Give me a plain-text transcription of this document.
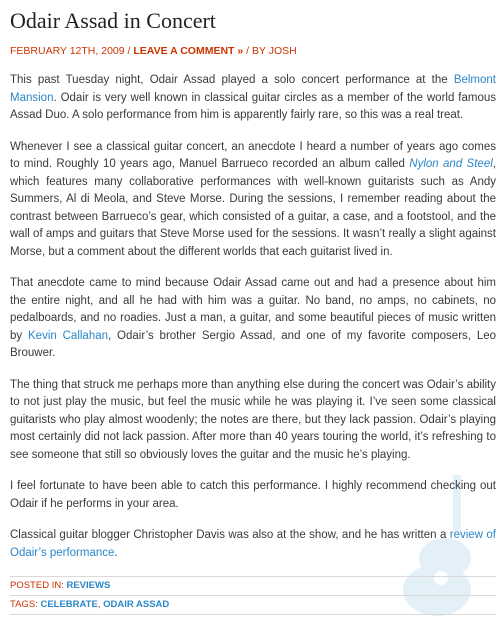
Odair Assad in Concert
FEBRUARY 12TH, 2009 / LEAVE A COMMENT » / BY JOSH

This past Tuesday night, Odair Assad played a solo concert performance at the Belmont Mansion. Odair is very well known in classical guitar circles as a member of the world famous Assad Duo. A solo performance from him is apparently fairly rare, so this was a real treat.

Whenever I see a classical guitar concert, an anecdote I heard a number of years ago comes to mind. Roughly 10 years ago, Manuel Barrueco recorded an album called Nylon and Steel, which features many collaborative performances with well-known guitarists such as Andy Summers, Al di Meola, and Steve Morse. During the sessions, I remember reading about the contrast between Barrueco’s gear, which consisted of a guitar, a case, and a footstool, and the wall of amps and guitars that Steve Morse used for the sessions. It wasn’t really a slight against Morse, but a comment about the different worlds that each guitarist lived in.

That anecdote came to mind because Odair Assad came out and had a presence about him the entire night, and all he had with him was a guitar. No band, no amps, no cabinets, no pedalboards, and no roadies. Just a man, a guitar, and some beautiful pieces of music written by Kevin Callahan, Odair’s brother Sergio Assad, and one of my favorite composers, Leo Brouwer.

The thing that struck me perhaps more than anything else during the concert was Odair’s ability to not just play the music, but feel the music while he was playing it. I’ve seen some classical guitarists who play almost woodenly; the notes are there, but they lack passion. Odair’s playing most certainly did not lack passion. After more than 40 years touring the world, it’s refreshing to see someone that still so obviously loves the guitar and the music he’s playing.

I feel fortunate to have been able to catch this performance. I highly recommend checking out Odair if he performs in your area.

Classical guitar blogger Christopher Davis was also at the show, and he has written a review of Odair’s performance.

POSTED IN: REVIEWS
TAGS: CELEBRATE, ODAIR ASSAD
